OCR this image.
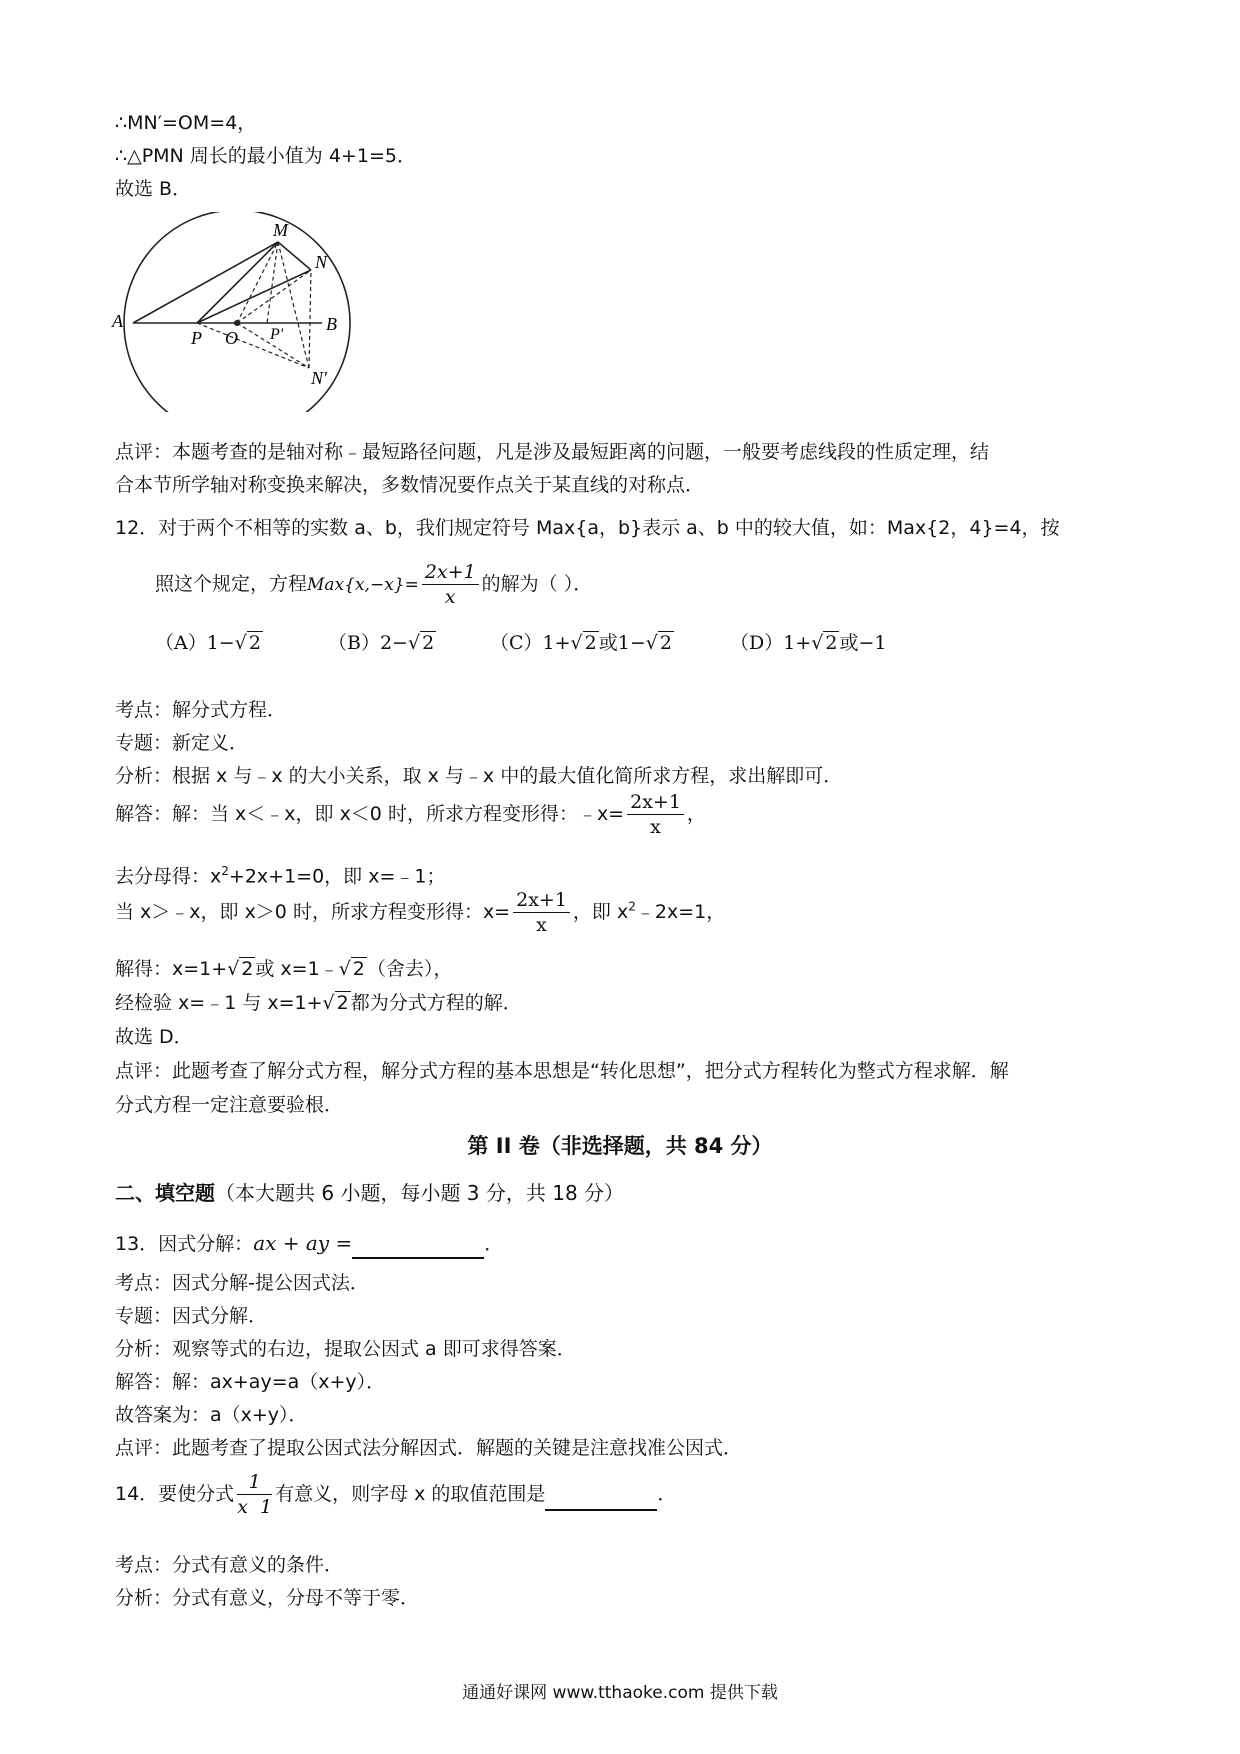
∴MN′=OM=4，
∴△PMN 周长的最小值为 4+1=5．
故选 B．
M
N
A	B
P O P′
N′
点评：本题考查的是轴对称﹣最短路径问题，凡是涉及最短距离的问题，一般要考虑线段的性质定理，结
合本节所学轴对称变换来解决，多数情况要作点关于某直线的对称点．
12．对于两个不相等的实数 a、b，我们规定符号 Max{a，b}表示 a、b 中的较大值，如：Max{2，4}=4，按
照这个规定，方程$Max\{x,-x\}= \frac{2x+1}{x}$ 的解为（ ）．
（A）1−√ 2	（B）2−√ 2	（C）1+√ 2 或1−√ 2	（D）1+√ 2 或−1
考点：解分式方程．
专题：新定义．
分析：根据 x 与﹣x 的大小关系，取 x 与﹣x 中的最大值化简所求方程，求出解即可．
解答：解：当 x＜﹣x，即 x＜0 时，所求方程变形得：﹣x= $\frac{2x+1}{x}$ ，
去分母得：$x^2+2x+1=0$，即 x=﹣1；
当 x＞﹣x，即 x＞0 时，所求方程变形得：$x= \frac{2x+1}{x}$ ，即 $x^2﹣2x=1$，
解得：x=1+√ 2 或 x=1﹣√ 2 （舍去），
经检验 x=﹣1 与 x=1+√ 2 都为分式方程的解．
故选 D．
点评：此题考查了解分式方程，解分式方程的基本思想是“转化思想”，把分式方程转化为整式方程求解．解
分式方程一定注意要验根．
第 II 卷（非选择题，共 84 分）
二、填空题（本大题共 6 小题，每小题 3 分，共 18 分）
13．因式分解：ax + ay =	．
考点：因式分解-提公因式法．
专题：因式分解．
分析：观察等式的右边，提取公因式 a 即可求得答案．
解答：解：ax+ay=a（x+y）．
故答案为：a（x+y）．
点评：此题考查了提取公因式法分解因式．解题的关键是注意找准公因式．
14．要使分式 $\frac{1}{x 1}$ 有意义，则字母 x 的取值范围是	．
考点：分式有意义的条件．
分析：分式有意义，分母不等于零．
通通好课网 www.tthaoke.com 提供下载
